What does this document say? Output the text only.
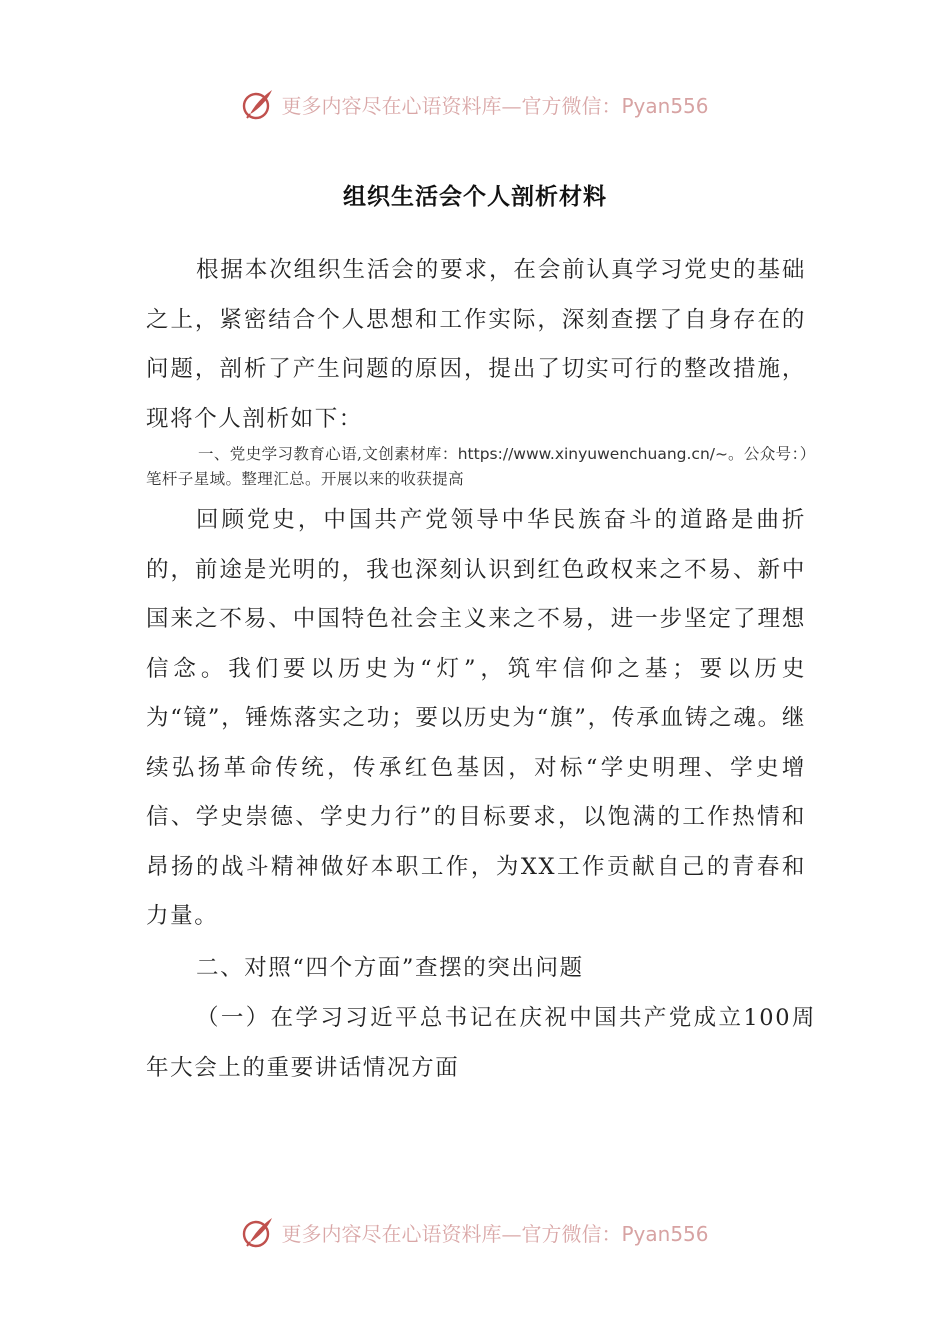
更多内容尽在心语资料库—官方微信：Pyan556
组织生活会个人剖析材料

根据本次组织生活会的要求，在会前认真学习党史的基础之上，紧密结合个人思想和工作实际，深刻查摆了自身存在的问题，剖析了产生问题的原因，提出了切实可行的整改措施，现将个人剖析如下：

一、党史学习教育心语,文创素材库：https://www.xinyuwenchuang.cn/~。公众号：）笔杆子星域。整理汇总。开展以来的收获提高

回顾党史，中国共产党领导中华民族奋斗的道路是曲折的，前途是光明的，我也深刻认识到红色政权来之不易、新中国来之不易、中国特色社会主义来之不易，进一步坚定了理想信念。我们要以历史为“灯”，筑牢信仰之基；要以历史为“镜”，锤炼落实之功；要以历史为“旗”，传承血铸之魂。继续弘扬革命传统，传承红色基因，对标“学史明理、学史增信、学史崇德、学史力行”的目标要求，以饱满的工作热情和昂扬的战斗精神做好本职工作，为XX工作贡献自己的青春和力量。

二、对照“四个方面”查摆的突出问题

（一）在学习习近平总书记在庆祝中国共产党成立100周年大会上的重要讲话情况方面

更多内容尽在心语资料库—官方微信：Pyan556
